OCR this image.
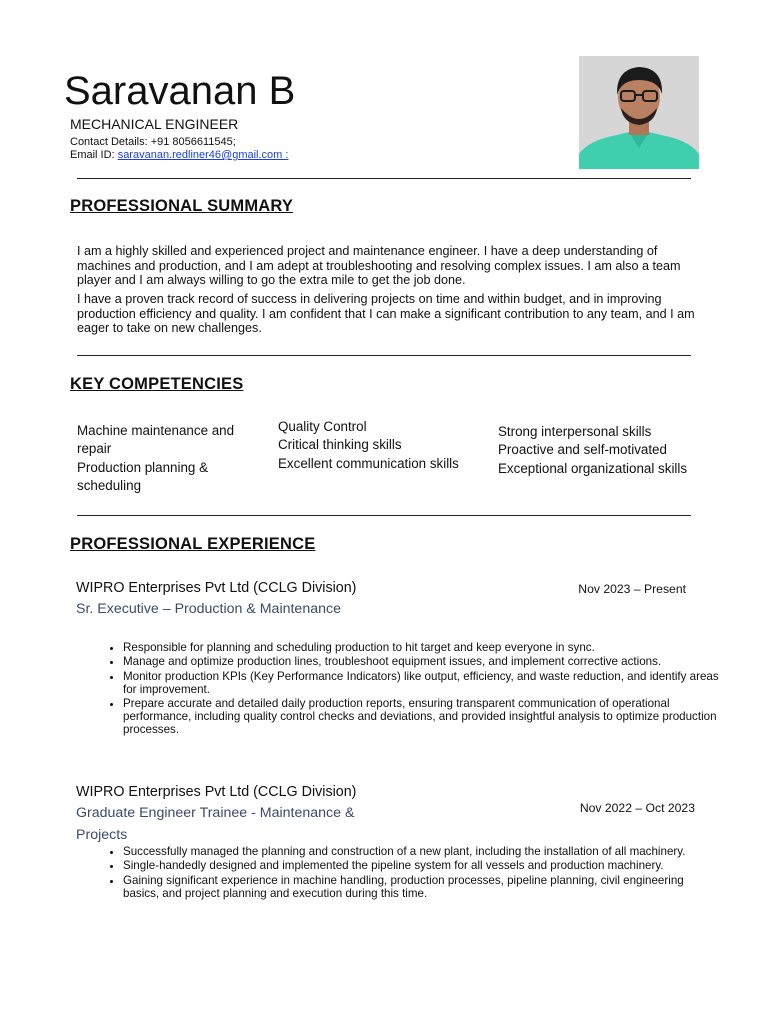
Saravanan B
MECHANICAL ENGINEER
Contact Details: +91 8056611545;
Email ID: saravanan.redliner46@gmail.com :
PROFESSIONAL SUMMARY
I am a highly skilled and experienced project and maintenance engineer. I have a deep understanding of machines and production, and I am adept at troubleshooting and resolving complex issues. I am also a team player and I am always willing to go the extra mile to get the job done.
I have a proven track record of success in delivering projects on time and within budget, and in improving production efficiency and quality. I am confident that I can make a significant contribution to any team, and I am eager to take on new challenges.
KEY COMPETENCIES
Machine maintenance and repair
Production planning & scheduling
Quality Control
Critical thinking skills
Excellent communication skills
Strong interpersonal skills
Proactive and self-motivated
Exceptional organizational skills
PROFESSIONAL EXPERIENCE
WIPRO Enterprises Pvt Ltd (CCLG Division)	Nov 2023 – Present
Sr. Executive – Production & Maintenance
• Responsible for planning and scheduling production to hit target and keep everyone in sync.
• Manage and optimize production lines, troubleshoot equipment issues, and implement corrective actions.
• Monitor production KPIs (Key Performance Indicators) like output, efficiency, and waste reduction, and identify areas for improvement.
• Prepare accurate and detailed daily production reports, ensuring transparent communication of operational performance, including quality control checks and deviations, and provided insightful analysis to optimize production processes.
WIPRO Enterprises Pvt Ltd (CCLG Division)
Nov 2022 – Oct 2023
Graduate Engineer Trainee - Maintenance & Projects
• Successfully managed the planning and construction of a new plant, including the installation of all machinery.
• Single-handedly designed and implemented the pipeline system for all vessels and production machinery.
• Gaining significant experience in machine handling, production processes, pipeline planning, civil engineering basics, and project planning and execution during this time.
